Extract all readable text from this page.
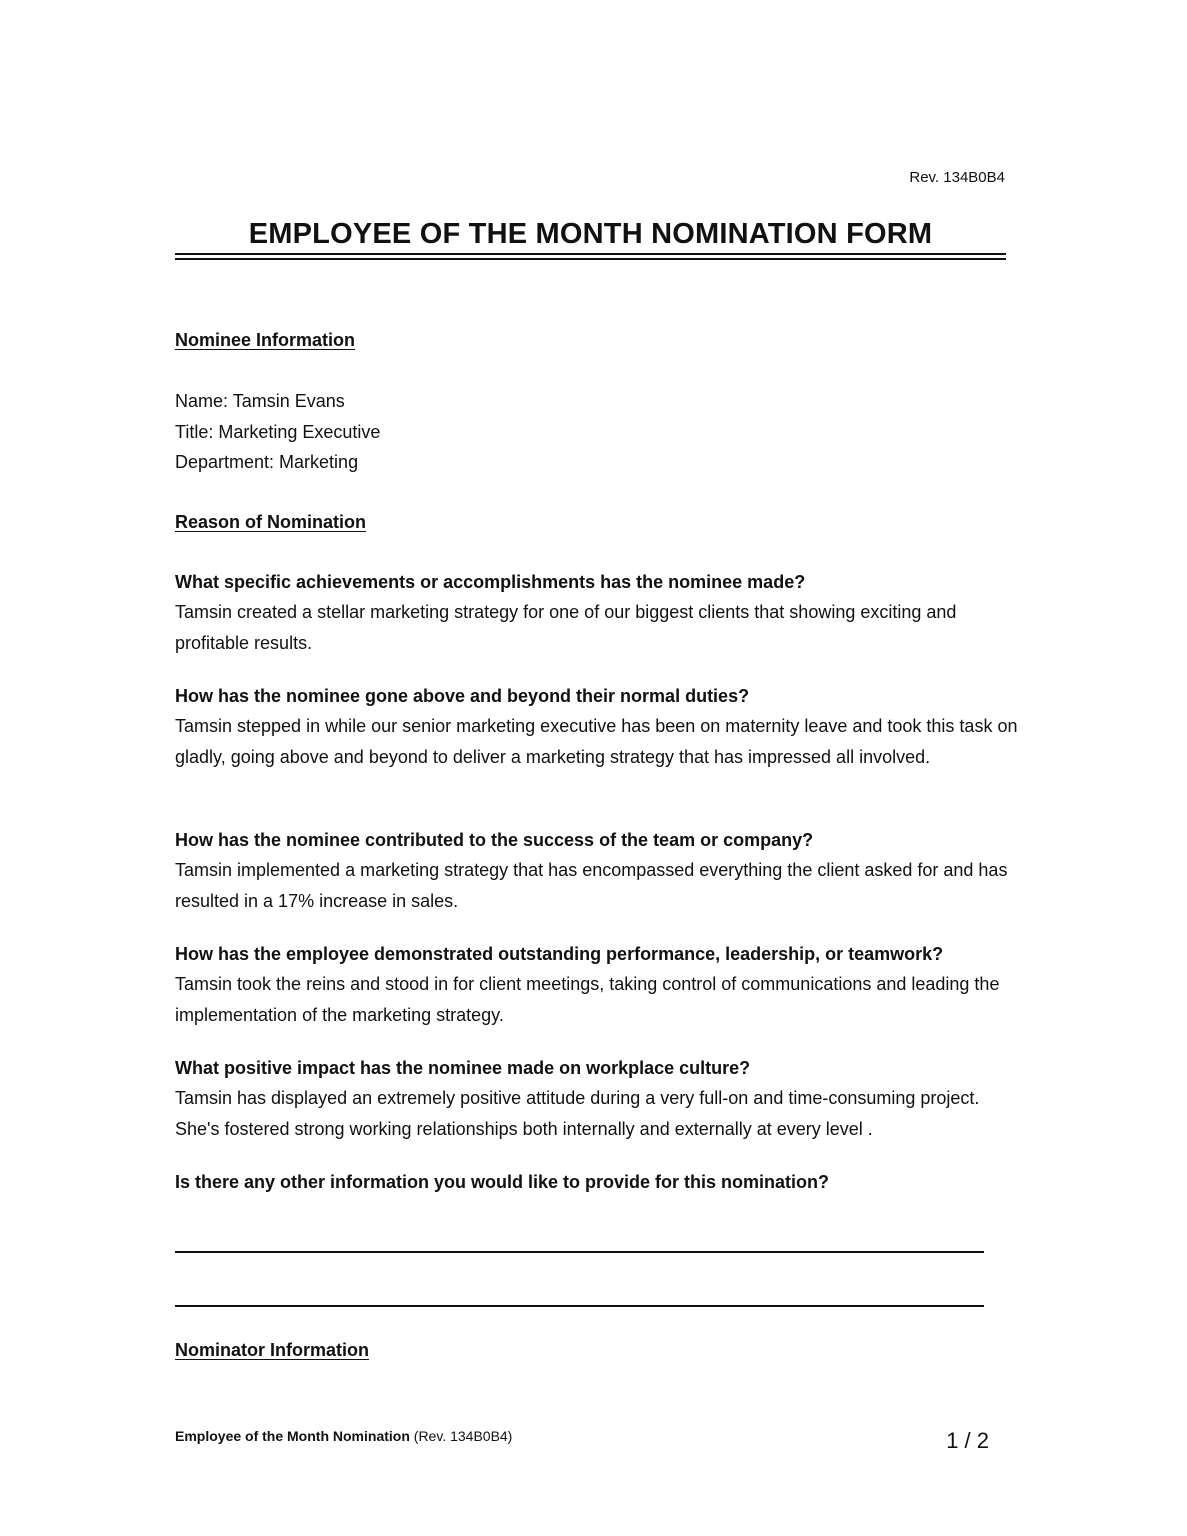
Rev. 134B0B4
EMPLOYEE OF THE MONTH NOMINATION FORM
Nominee Information
Name: Tamsin Evans
Title: Marketing Executive
Department: Marketing
Reason of Nomination
What specific achievements or accomplishments has the nominee made?
Tamsin created a stellar marketing strategy for one of our biggest clients that showing exciting and profitable results.
How has the nominee gone above and beyond their normal duties?
Tamsin stepped in while our senior marketing executive has been on maternity leave and took this task on gladly, going above and beyond to deliver a marketing strategy that has impressed all involved.
How has the nominee contributed to the success of the team or company?
Tamsin implemented a marketing strategy that has encompassed everything the client asked for and has resulted in a 17% increase in sales.
How has the employee demonstrated outstanding performance, leadership, or teamwork?
Tamsin took the reins and stood in for client meetings, taking control of communications and leading the implementation of the marketing strategy.
What positive impact has the nominee made on workplace culture?
Tamsin has displayed an extremely positive attitude during a very full-on and time-consuming project. She's fostered strong working relationships both internally and externally at every level .
Is there any other information you would like to provide for this nomination?
Nominator Information
Employee of the Month Nomination (Rev. 134B0B4)	1 / 2
